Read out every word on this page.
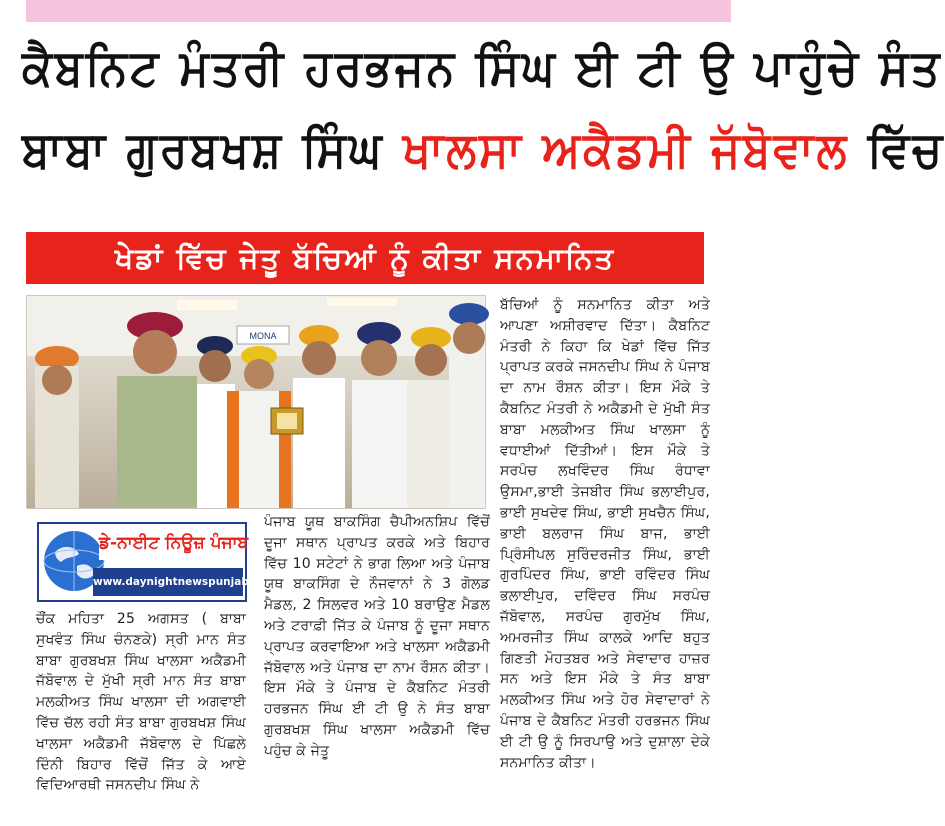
ਕੈਬਨਿਟ ਮੰਤਰੀ ਹਰਭਜਨ ਸਿੰਘ ਈ ਟੀ ਉ ਪਾਹੁੰਚੇ ਸੰਤ
ਬਾਬਾ ਗੁਰਬਖਸ਼ ਸਿੰਘ ਖਾਲਸਾ ਅਕੈਡਮੀ ਜੱਬੋਵਾਲ ਵਿੱਚ
ਖੇਡਾਂ ਵਿੱਚ ਜੇਤੂ ਬੱਚਿਆਂ ਨੂੰ ਕੀਤਾ ਸਨਮਾਨਿਤ
MONA
ਡੇ-ਨਾਈਟ ਨਿਊਜ਼ ਪੰਜਾਬ
www.daynightnewspunjab.com
ਚੌਂਕ ਮਹਿਤਾ 25 ਅਗਸਤ ( ਬਾਬਾ ਸੁਖਵੰਤ ਸਿੰਘ ਚੰਨਣਕੇ) ਸ੍ਰੀ ਮਾਨ ਸੰਤ ਬਾਬਾ ਗੁਰਬਖਸ਼ ਸਿੰਘ ਖਾਲਸਾ ਅਕੈਡਮੀ ਜੱਬੋਵਾਲ ਦੇ ਮੁੱਖੀ ਸ੍ਰੀ ਮਾਨ ਸੰਤ ਬਾਬਾ ਮਲਕੀਅਤ ਸਿੰਘ ਖਾਲਸਾ ਦੀ ਅਗਵਾਈ ਵਿੱਚ ਚੱਲ ਰਹੀ ਸੰਤ ਬਾਬਾ ਗੁਰਬਖਸ਼ ਸਿੰਘ ਖਾਲਸਾ ਅਕੈਡਮੀ ਜੱਬੋਵਾਲ ਦੇ ਪਿੱਛਲੇ ਦਿੰਨੀ ਬਿਹਾਰ ਵਿੱਚੋਂ ਜਿੱਤ ਕੇ ਆਏ ਵਿਦਿਆਰਥੀ ਜਸਨਦੀਪ ਸਿੰਘ ਨੇ
ਪੰਜਾਬ ਯੂਥ ਬਾਕਸਿੰਗ ਚੈਪੀਅਨਸ਼ਿਪ ਵਿੱਚੋਂ ਦੂਜਾ ਸਥਾਨ ਪ੍ਰਾਪਤ ਕਰਕੇ ਅਤੇ ਬਿਹਾਰ ਵਿੱਚ 10 ਸਟੇਟਾਂ ਨੇ ਭਾਗ ਲਿਆ ਅਤੇ ਪੰਜਾਬ ਯੂਥ ਬਾਕਸਿੰਗ ਦੇ ਨੌਜਵਾਨਾਂ ਨੇ 3 ਗੋਲਡ ਮੈਡਲ, 2 ਸਿਲਵਰ ਅਤੇ 10 ਬਰਾਉਣ ਮੈਡਲ ਅਤੇ ਟਰਾਫ਼ੀ ਜਿੱਤ ਕੇ ਪੰਜਾਬ ਨੂੰ ਦੂਜਾ ਸਥਾਨ ਪ੍ਰਾਪਤ ਕਰਵਾਇਆ ਅਤੇ ਖਾਲਸਾ ਅਕੈਡਮੀ ਜੱਬੋਵਾਲ ਅਤੇ ਪੰਜਾਬ ਦਾ ਨਾਮ ਰੌਸ਼ਨ ਕੀਤਾ। ਇਸ ਮੌਕੇ ਤੇ ਪੰਜਾਬ ਦੇ ਕੈਬਨਿਟ ਮੰਤਰੀ ਹਰਭਜਨ ਸਿੰਘ ਈ ਟੀ ਉ ਨੇ ਸੰਤ ਬਾਬਾ ਗੁਰਬਖਸ਼ ਸਿੰਘ ਖਾਲਸਾ ਅਕੈਡਮੀ ਵਿੱਚ ਪਹੁੰਚ ਕੇ ਜੇਤੂ
ਬੱਚਿਆਂ ਨੂੰ ਸਨਮਾਨਿਤ ਕੀਤਾ ਅਤੇ ਆਪਣਾ ਅਸ਼ੀਰਵਾਦ ਦਿੱਤਾ। ਕੈਬਨਿਟ ਮੰਤਰੀ ਨੇ ਕਿਹਾ ਕਿ ਖੇਡਾਂ ਵਿੱਚ ਜਿੱਤ ਪ੍ਰਾਪਤ ਕਰਕੇ ਜਸਨਦੀਪ ਸਿੰਘ ਨੇ ਪੰਜਾਬ ਦਾ ਨਾਮ ਰੌਸ਼ਨ ਕੀਤਾ। ਇਸ ਮੌਕੇ ਤੇ ਕੈਬਨਿਟ ਮੰਤਰੀ ਨੇ ਅਕੈਡਮੀ ਦੇ ਮੁੱਖੀ ਸੰਤ ਬਾਬਾ ਮਲਕੀਅਤ ਸਿੰਘ ਖਾਲਸਾ ਨੂੰ ਵਧਾਈਆਂ ਦਿੱਤੀਆਂ। ਇਸ ਮੌਕੇ ਤੇ ਸਰਪੰਚ ਲਖਵਿੰਦਰ ਸਿੰਘ ਰੰਧਾਵਾ ਉਸਮਾ,ਭਾਈ ਤੇਜਬੀਰ ਸਿੰਘ ਭਲਾਈਪੁਰ, ਭਾਈ ਸੁਖਦੇਵ ਸਿੰਘ, ਭਾਈ ਸੁਖਚੈਨ ਸਿੰਘ, ਭਾਈ ਬਲਰਾਜ ਸਿੰਘ ਬਾਜ, ਭਾਈ ਪ੍ਰਿੰਸੀਪਲ ਸੁਰਿੰਦਰਜੀਤ ਸਿੰਘ, ਭਾਈ ਗੁਰਪਿੰਦਰ ਸਿੰਘ, ਭਾਈ ਰਵਿੰਦਰ ਸਿੰਘ ਭਲਾਈਪੁਰ, ਦਵਿੰਦਰ ਸਿੰਘ ਸਰਪੰਚ ਜੱਬੋਵਾਲ, ਸਰਪੰਚ ਗੁਰਮੁੱਖ ਸਿੰਘ, ਅਮਰਜੀਤ ਸਿੰਘ ਕਾਲਕੇ ਆਦਿ ਬਹੁਤ ਗਿਣਤੀ ਮੋਹਤਬਰ ਅਤੇ ਸੇਵਾਦਾਰ ਹਾਜ਼ਰ ਸਨ ਅਤੇ ਇਸ ਮੌਕੇ ਤੇ ਸੰਤ ਬਾਬਾ ਮਲਕੀਅਤ ਸਿੰਘ ਅਤੇ ਹੋਰ ਸੇਵਾਦਾਰਾਂ ਨੇ ਪੰਜਾਬ ਦੇ ਕੈਬਨਿਟ ਮੰਤਰੀ ਹਰਭਜਨ ਸਿੰਘ ਈ ਟੀ ਉ ਨੂੰ ਸਿਰਪਾਉ ਅਤੇ ਦੁਸ਼ਾਲਾ ਦੇਕੇ ਸਨਮਾਨਿਤ ਕੀਤਾ।
